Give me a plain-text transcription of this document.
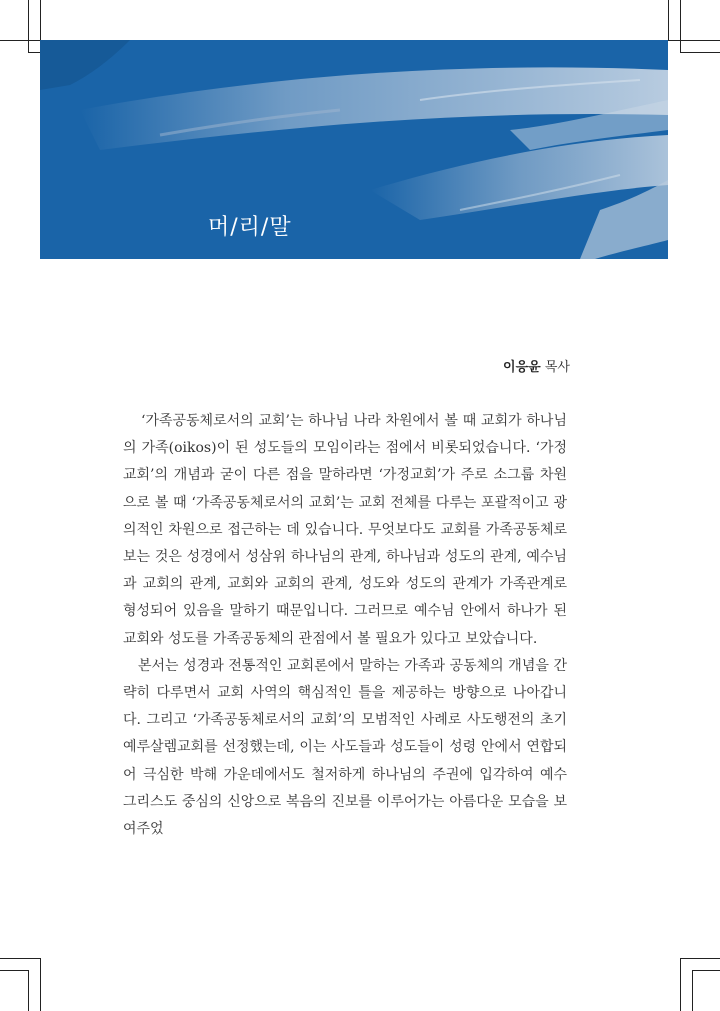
머/리/말
이응윤 목사

‘가족공동체로서의 교회’는 하나님 나라 차원에서 볼 때 교회가 하나님의 가족(oikos)이 된 성도들의 모임이라는 점에서 비롯되었습니다. ‘가정교회’의 개념과 굳이 다른 점을 말하라면 ‘가정교회’가 주로 소그룹 차원으로 볼 때 ‘가족공동체로서의 교회’는 교회 전체를 다루는 포괄적이고 광의적인 차원으로 접근하는 데 있습니다. 무엇보다도 교회를 가족공동체로 보는 것은 성경에서 성삼위 하나님의 관계, 하나님과 성도의 관계, 예수님과 교회의 관계, 교회와 교회의 관계, 성도와 성도의 관계가 가족관계로 형성되어 있음을 말하기 때문입니다. 그러므로 예수님 안에서 하나가 된 교회와 성도를 가족공동체의 관점에서 볼 필요가 있다고 보았습니다.

본서는 성경과 전통적인 교회론에서 말하는 가족과 공동체의 개념을 간략히 다루면서 교회 사역의 핵심적인 틀을 제공하는 방향으로 나아갑니다. 그리고 ‘가족공동체로서의 교회’의 모범적인 사례로 사도행전의 초기 예루살렘교회를 선정했는데, 이는 사도들과 성도들이 성령 안에서 연합되어 극심한 박해 가운데에서도 철저하게 하나님의 주권에 입각하여 예수 그리스도 중심의 신앙으로 복음의 진보를 이루어가는 아름다운 모습을 보여주었
